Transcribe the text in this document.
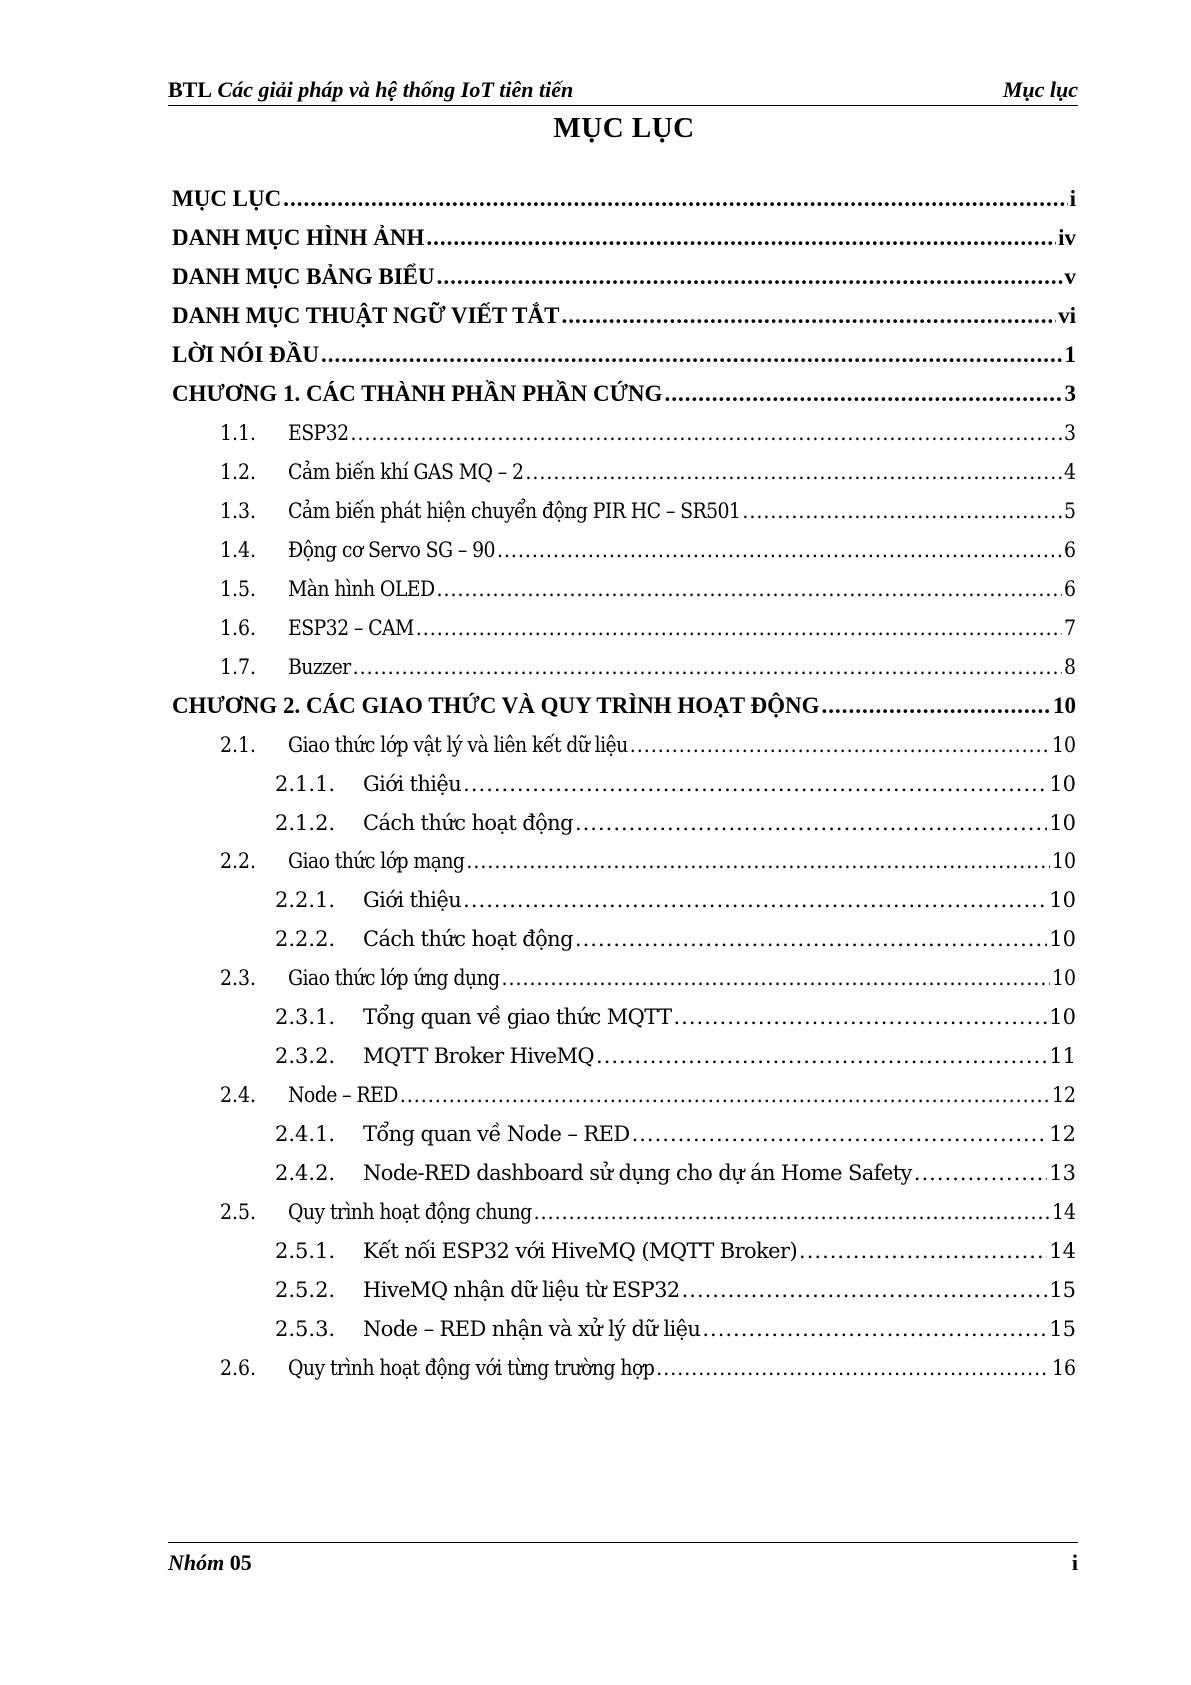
BTL Các giải pháp và hệ thống IoT tiên tiến	Mục lục
MỤC LỤC
MỤC LỤC .....	i
DANH MỤC HÌNH ẢNH .....	iv
DANH MỤC BẢNG BIỂU .....	v
DANH MỤC THUẬT NGỮ VIẾT TẮT .....	vi
LỜI NÓI ĐẦU .....	1
CHƯƠNG 1. CÁC THÀNH PHẦN PHẦN CỨNG .....	3
1.1.	ESP32 .....	3
1.2.	Cảm biến khí GAS MQ – 2 .....	4
1.3.	Cảm biến phát hiện chuyển động PIR HC – SR501 .....	5
1.4.	Động cơ Servo SG – 90 .....	6
1.5.	Màn hình OLED .....	6
1.6.	ESP32 – CAM .....	7
1.7.	Buzzer .....	8
CHƯƠNG 2. CÁC GIAO THỨC VÀ QUY TRÌNH HOẠT ĐỘNG .....	10
2.1.	Giao thức lớp vật lý và liên kết dữ liệu .....	10
2.1.1.	Giới thiệu .....	10
2.1.2.	Cách thức hoạt động .....	10
2.2.	Giao thức lớp mạng .....	10
2.2.1.	Giới thiệu .....	10
2.2.2.	Cách thức hoạt động .....	10
2.3.	Giao thức lớp ứng dụng .....	10
2.3.1.	Tổng quan về giao thức MQTT .....	10
2.3.2.	MQTT Broker HiveMQ .....	11
2.4.	Node – RED .....	12
2.4.1.	Tổng quan về Node – RED .....	12
2.4.2.	Node-RED dashboard sử dụng cho dự án Home Safety .....	13
2.5.	Quy trình hoạt động chung .....	14
2.5.1.	Kết nối ESP32 với HiveMQ (MQTT Broker) .....	14
2.5.2.	HiveMQ nhận dữ liệu từ ESP32 .....	15
2.5.3.	Node – RED nhận và xử lý dữ liệu .....	15
2.6.	Quy trình hoạt động với từng trường hợp .....	16
Nhóm 05	i
